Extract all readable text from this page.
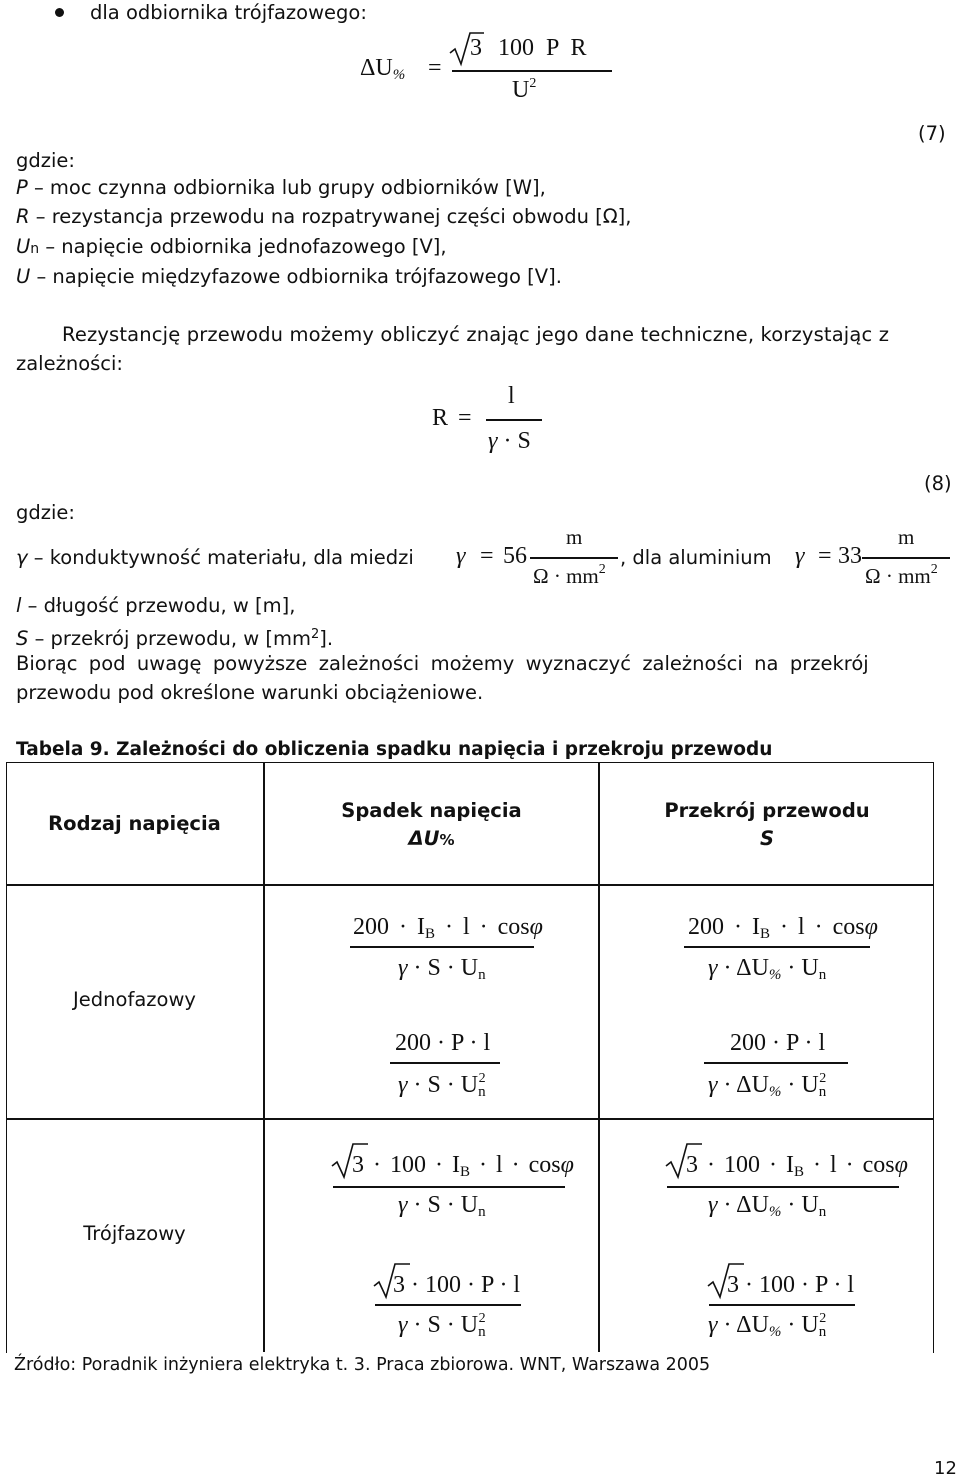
dla odbiornika trójfazowego:
$\Delta U_{\%}$ =
3 100 P R
$U^2$
(7)
gdzie:
P – moc czynna odbiornika lub grupy odbiorników [W],
R – rezystancja przewodu na rozpatrywanej części obwodu [Ω],
Un – napięcie odbiornika jednofazowego [V],
U – napięcie międzyfazowe odbiornika trójfazowego [V].
Rezystancję przewodu możemy obliczyć znając jego dane techniczne, korzystając z
zależności:
R =
l
γ · S
(8)
gdzie:
γ – konduktywność materiału, dla miedzi γ = 56
m
$\Omega \cdot mm^2$
, dla aluminium γ = 33
m
$\Omega \cdot mm^2$
l – długość przewodu, w [m],
S – przekrój przewodu, w $[mm^2]$.
Biorąc pod uwagę powyższe zależności możemy wyznaczyć zależności na przekrój
przewodu pod określone warunki obciążeniowe.
Tabela 9. Zależności do obliczenia spadku napięcia i przekroju przewodu
Rodzaj napięcia
Spadek napięcia
ΔU%
Przekrój przewodu
S
Jednofazowy
Trójfazowy
$200 \cdot I_B \cdot l \cdot \cos\varphi$
$\gamma \cdot S \cdot U_n$
200 · P · l
$\gamma \cdot S \cdot U_n^2$
$200 \cdot I_B \cdot l \cdot \cos\varphi$
$\gamma \cdot \Delta U_{\%} \cdot U_n$
200 · P · l
$\gamma \cdot \Delta U_{\%} \cdot U_n^2$
$3 \cdot 100 \cdot I_B \cdot l \cdot \cos\varphi$
$\gamma \cdot S \cdot U_n$
3 · 100 · P · l
$\gamma \cdot S \cdot U_n^2$
$3 \cdot 100 \cdot I_B \cdot l \cdot \cos\varphi$
$\gamma \cdot \Delta U_{\%} \cdot U_n$
3 · 100 · P · l
$\gamma \cdot \Delta U_{\%} \cdot U_n^2$
Źródło: Poradnik inżyniera elektryka t. 3. Praca zbiorowa. WNT, Warszawa 2005
12
